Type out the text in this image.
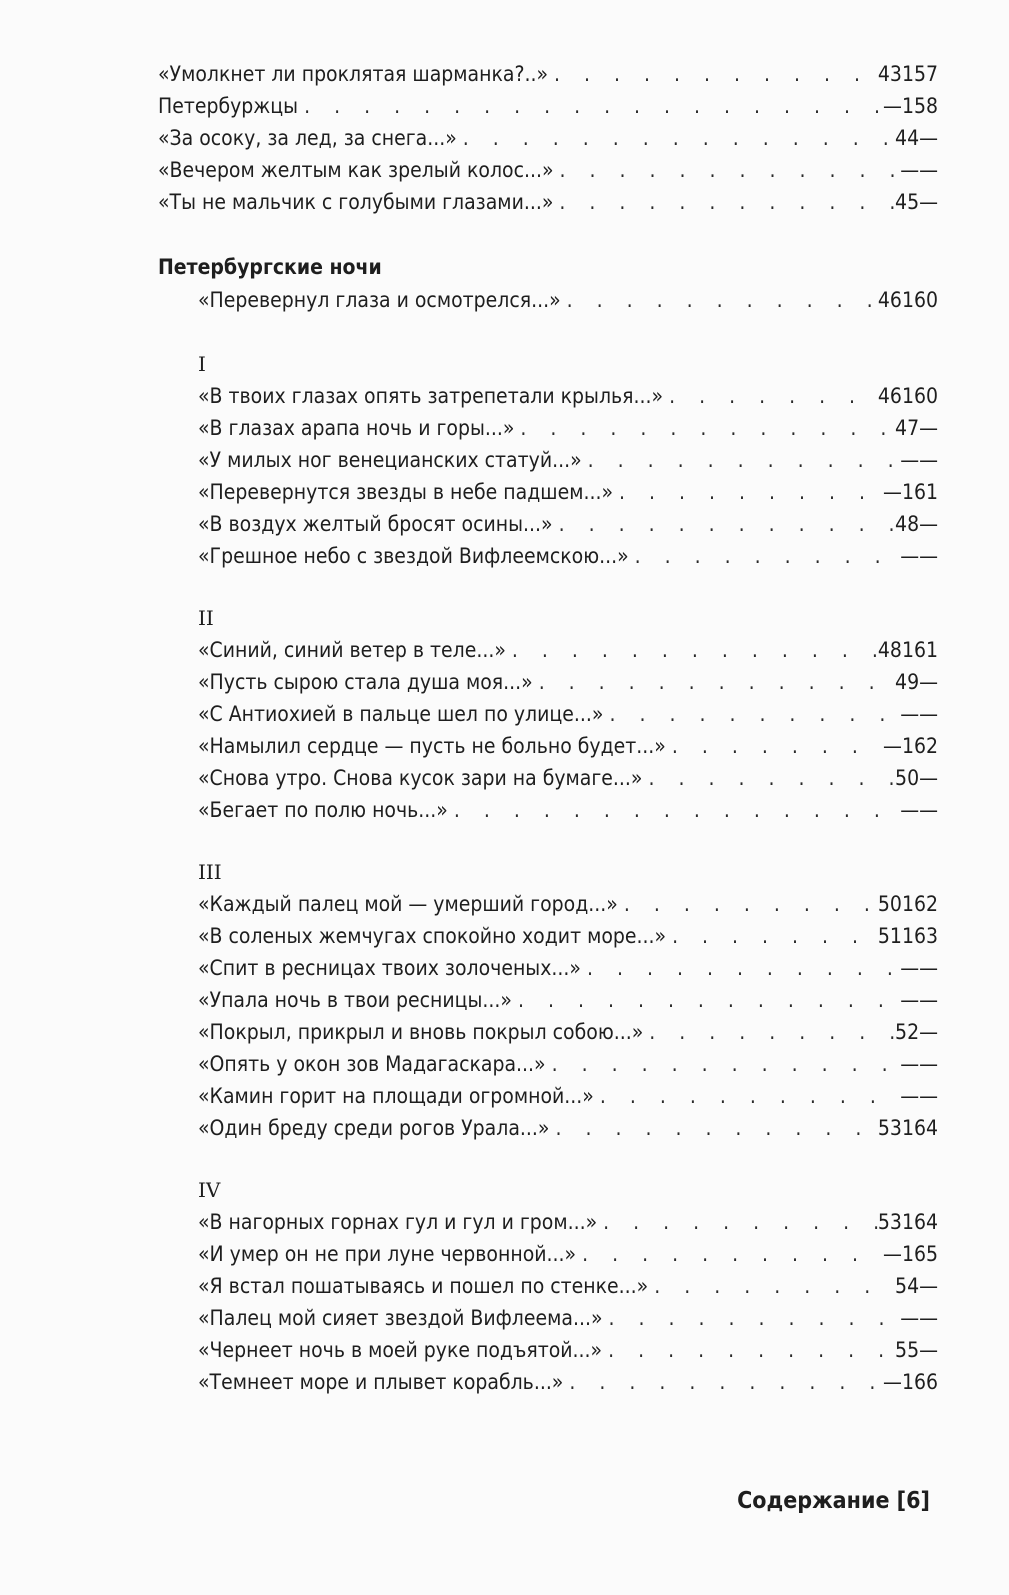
«Умолкнет ли проклятая шарманка?..» . . .	43 157
Петербуржцы . . .	— 158
«За осоку, за лед, за снега...» . . .	44 —
«Вечером желтым как зрелый колос...» . . .	— —
«Ты не мальчик с голубыми глазами...» . . .	45 —
Петербургские ночи
«Перевернул глаза и осмотрелся...» . . .	46 160
I
«В твоих глазах опять затрепетали крылья...» . . .	46 160
«В глазах арапа ночь и горы...» . . .	47 —
«У милых ног венецианских статуй...» . . .	— —
«Перевернутся звезды в небе падшем...» . . .	— 161
«В воздух желтый бросят осины...» . . .	48 —
«Грешное небо с звездой Вифлеемскою...» . . .	— —
II
«Синий, синий ветер в теле...» . . .	48 161
«Пусть сырою стала душа моя...» . . .	49 —
«С Антиохией в пальце шел по улице...» . . .	— —
«Намылил сердце — пусть не больно будет...» . . .	— 162
«Снова утро. Снова кусок зари на бумаге...» . . .	50 —
«Бегает по полю ночь...» . . .	— —
III
«Каждый палец мой — умерший город...» . . .	50 162
«В соленых жемчугах спокойно ходит море...» . . .	51 163
«Спит в ресницах твоих золоченых...» . . .	— —
«Упала ночь в твои ресницы...» . . .	— —
«Покрыл, прикрыл и вновь покрыл собою...» . . .	52 —
«Опять у окон зов Мадагаскара...» . . .	— —
«Камин горит на площади огромной...» . . .	— —
«Один бреду среди рогов Урала...» . . .	53 164
IV
«В нагорных горнах гул и гул и гром...» . . .	53 164
«И умер он не при луне червонной...» . . .	— 165
«Я встал пошатываясь и пошел по стенке...» . . .	54 —
«Палец мой сияет звездой Вифлеема...» . . .	— —
«Чернеет ночь в моей руке подъятой...» . . .	55 —
«Темнеет море и плывет корабль...» . . .	— 166
Содержание [6]
